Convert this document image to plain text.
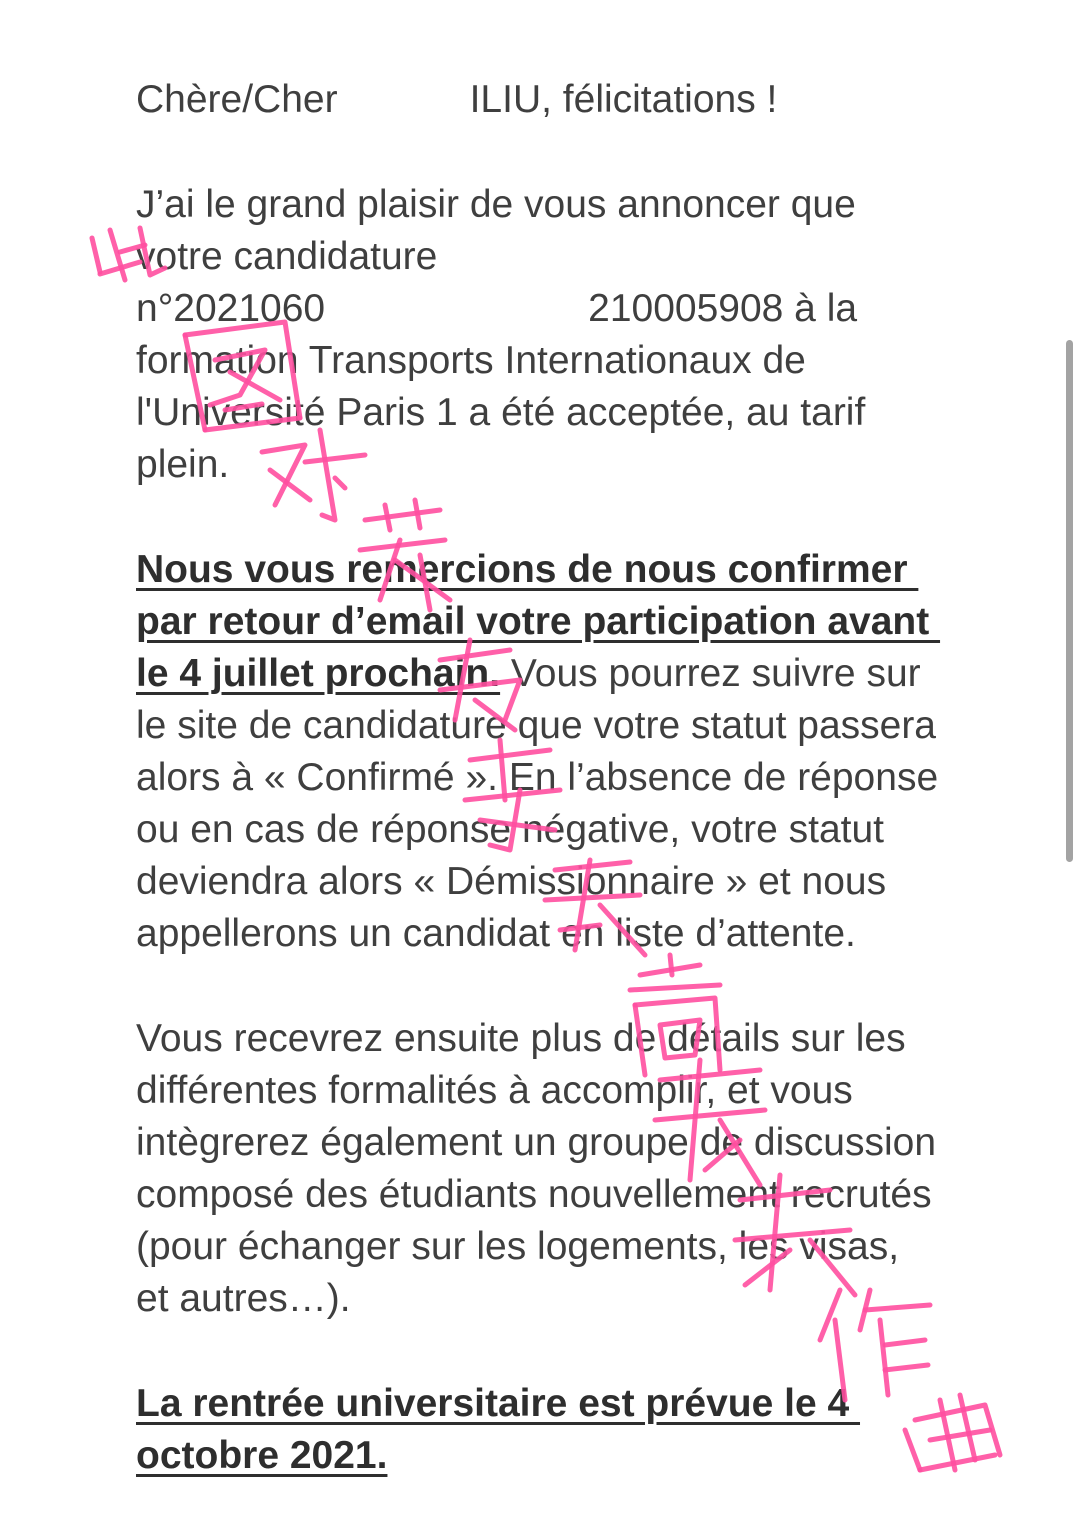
Chère/Cher	ILIU, félicitations !
J’ai le grand plaisir de vous annoncer que
votre candidature
n°2021060	210005908 à la
formation Transports Internationaux de
l'Université Paris 1 a été acceptée, au tarif
plein.
Nous vous remercions de nous confirmer
par retour d’email votre participation avant
le 4 juillet prochain. Vous pourrez suivre sur
le site de candidature que votre statut passera
alors à « Confirmé ». En l’absence de réponse
ou en cas de réponse négative, votre statut
deviendra alors « Démissionnaire » et nous
appellerons un candidat en liste d’attente.
Vous recevrez ensuite plus de détails sur les
différentes formalités à accomplir, et vous
intègrerez également un groupe de discussion
composé des étudiants nouvellement recrutés
(pour échanger sur les logements, les visas,
et autres…).
La rentrée universitaire est prévue le 4
octobre 2021.
